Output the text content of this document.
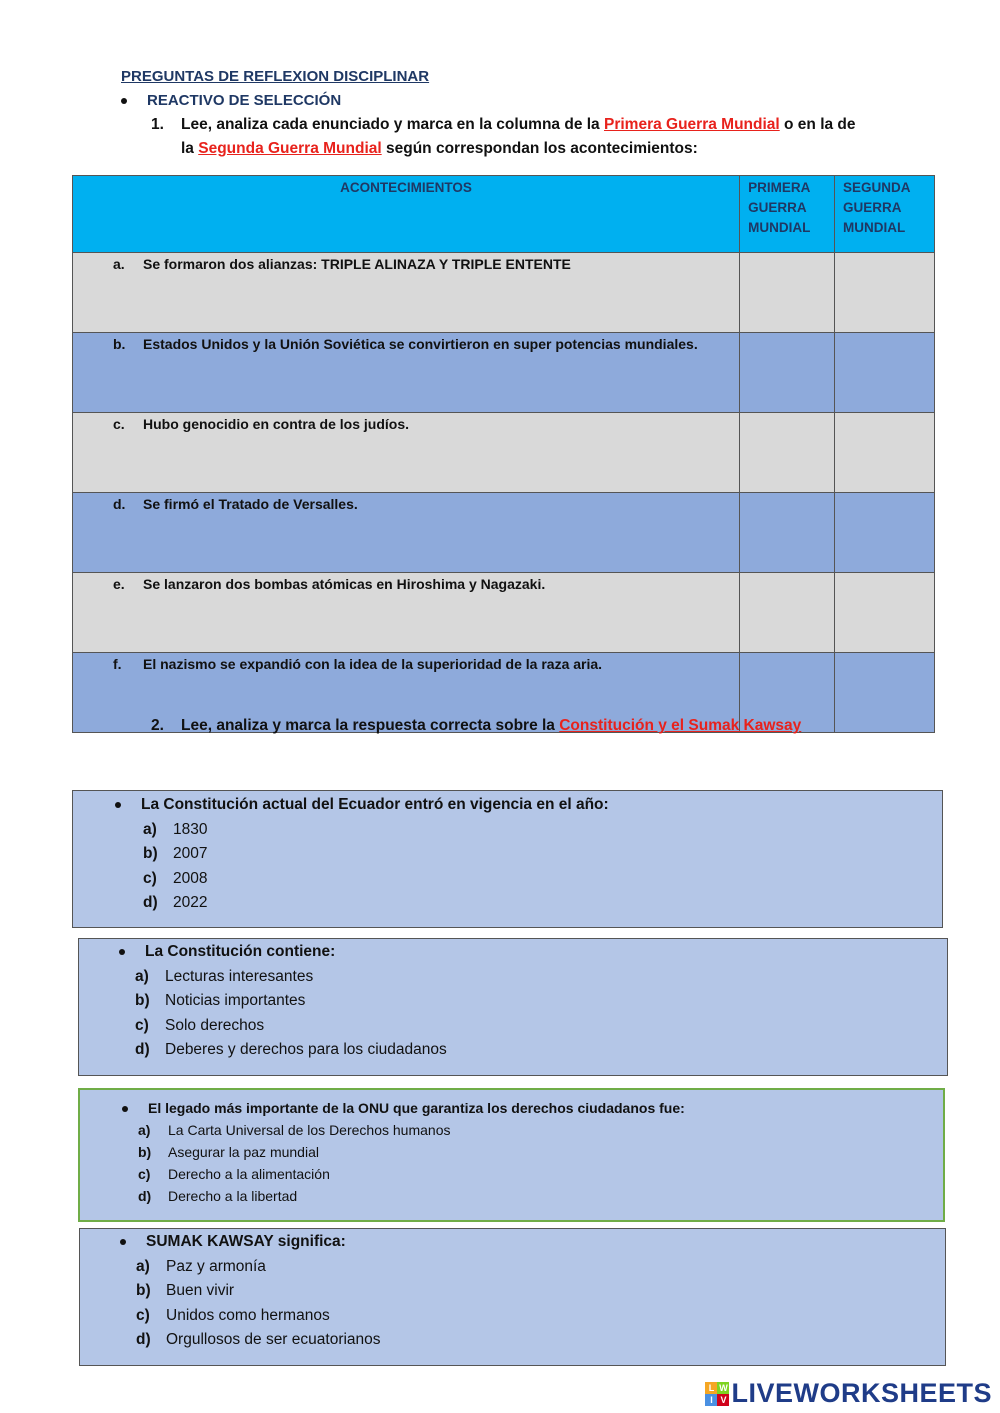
PREGUNTAS DE REFLEXION DISCIPLINAR
REACTIVO DE SELECCIÓN
1. Lee, analiza cada enunciado y marca en la columna de la Primera Guerra Mundial o en la de
la Segunda Guerra Mundial según correspondan los acontecimientos:
ACONTECIMIENTOS	PRIMERA GUERRA MUNDIAL	SEGUNDA GUERRA MUNDIAL

a. Se formaron dos alianzas: TRIPLE ALINAZA Y TRIPLE ENTENTE		

b. Estados Unidos y la Unión Soviética se convirtieron en super potencias mundiales.		

c. Hubo genocidio en contra de los judíos.		

d. Se firmó el Tratado de Versalles.		

e. Se lanzaron dos bombas atómicas en Hiroshima y Nagazaki.		

f. El nazismo se expandió con la idea de la superioridad de la raza aria.		

2. Lee, analiza y marca la respuesta correcta sobre la Constitución y el Sumak Kawsay
La Constitución actual del Ecuador entró en vigencia en el año:
a)	1830
b) 2007
c)	2008
d) 2022
La Constitución contiene:
a)	Lecturas interesantes
b) Noticias importantes
c)	Solo derechos
d) Deberes y derechos para los ciudadanos
El legado más importante de la ONU que garantiza los derechos ciudadanos fue:
a)	La Carta Universal de los Derechos humanos
b)	Asegurar la paz mundial
c)	Derecho a la alimentación
d)	Derecho a la libertad
SUMAK KAWSAY significa:
a)	Paz y armonía
b) Buen vivir
c)	Unidos como hermanos
d) Orgullosos de ser ecuatorianos
L W
I V LIVEWORKSHEETS
